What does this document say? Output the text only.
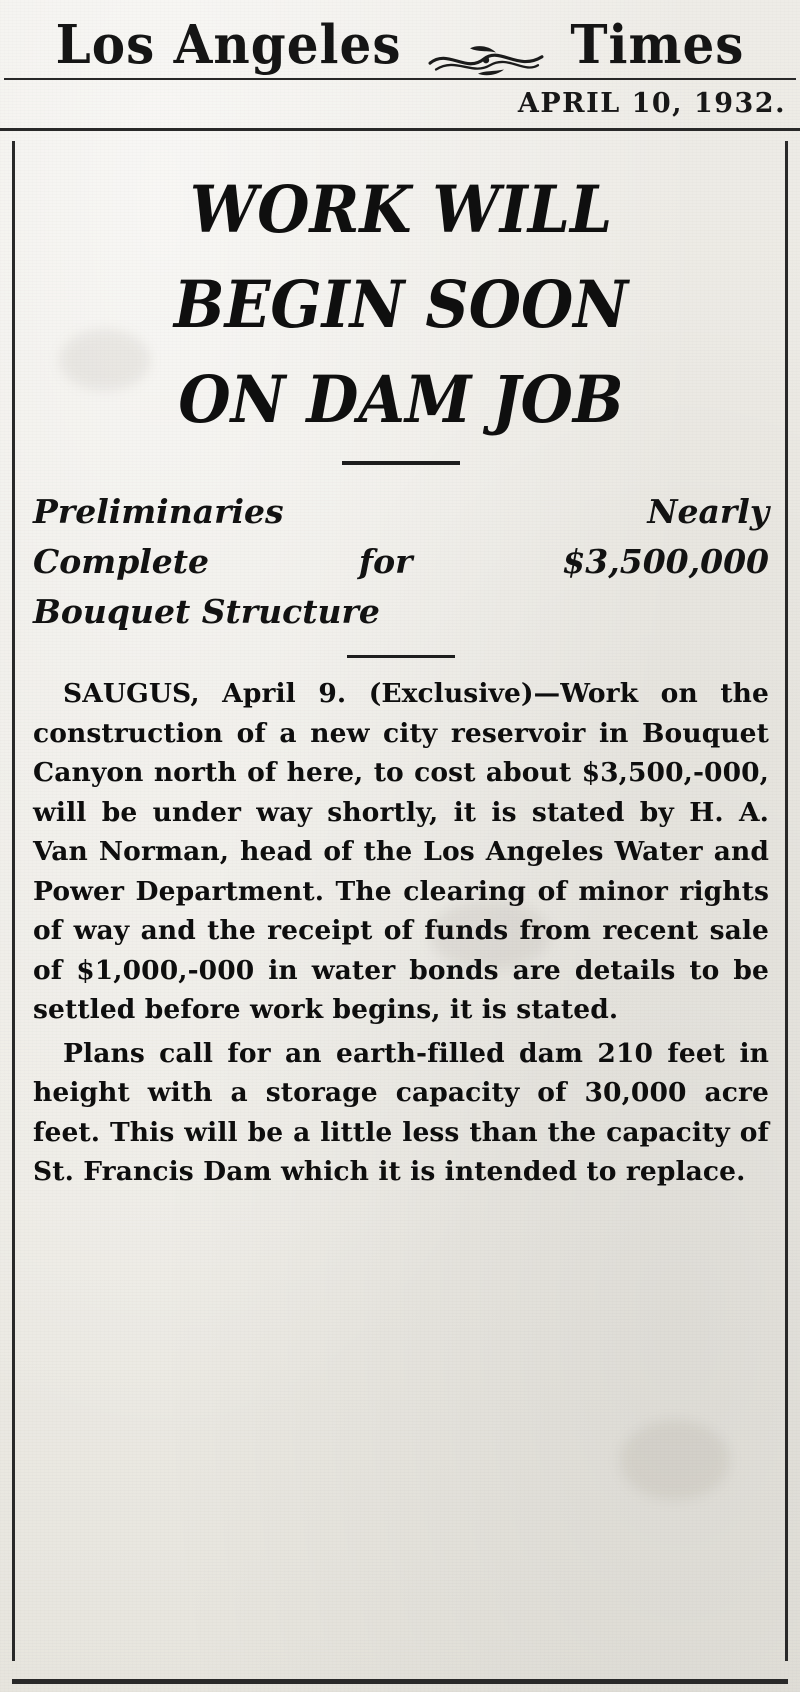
Los Angeles	Times
APRIL 10, 1932.
WORK WILL
BEGIN SOON
ON DAM JOB
Preliminaries Nearly
Complete for $3,500,000
Bouquet Structure

SAUGUS, April 9. (Exclusive)—Work on the construction of a new city reservoir in Bouquet Canyon north of here, to cost about $3,500,-000, will be under way shortly, it is stated by H. A. Van Norman, head of the Los Angeles Water and Power Department. The clearing of minor rights of way and the receipt of funds from recent sale of $1,000,-000 in water bonds are details to be settled before work begins, it is stated.

Plans call for an earth-filled dam 210 feet in height with a storage capacity of 30,000 acre feet. This will be a little less than the capacity of St. Francis Dam which it is intended to replace.
